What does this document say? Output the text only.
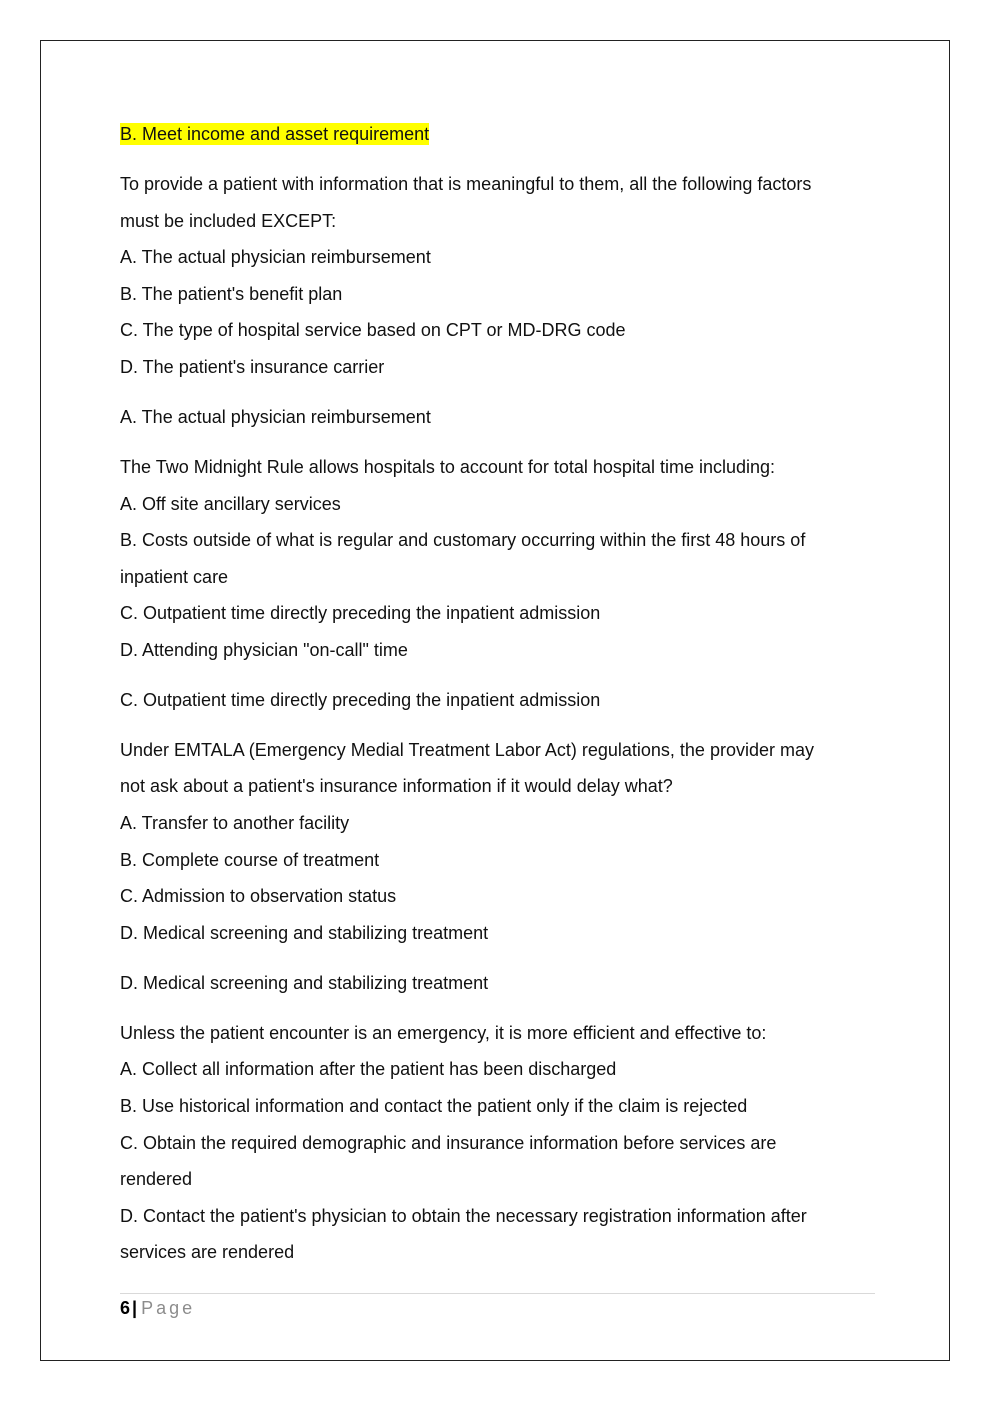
B. Meet income and asset requirement

To provide a patient with information that is meaningful to them, all the following factors

must be included EXCEPT:

A. The actual physician reimbursement

B. The patient's benefit plan

C. The type of hospital service based on CPT or MD-DRG code

D. The patient's insurance carrier

A. The actual physician reimbursement

The Two Midnight Rule allows hospitals to account for total hospital time including:

A. Off site ancillary services

B. Costs outside of what is regular and customary occurring within the first 48 hours of

inpatient care

C. Outpatient time directly preceding the inpatient admission

D. Attending physician "on-call" time

C. Outpatient time directly preceding the inpatient admission

Under EMTALA (Emergency Medial Treatment Labor Act) regulations, the provider may

not ask about a patient's insurance information if it would delay what?

A. Transfer to another facility

B. Complete course of treatment

C. Admission to observation status

D. Medical screening and stabilizing treatment

D. Medical screening and stabilizing treatment

Unless the patient encounter is an emergency, it is more efficient and effective to:

A. Collect all information after the patient has been discharged

B. Use historical information and contact the patient only if the claim is rejected

C. Obtain the required demographic and insurance information before services are

rendered

D. Contact the patient's physician to obtain the necessary registration information after

services are rendered

6 | Page
